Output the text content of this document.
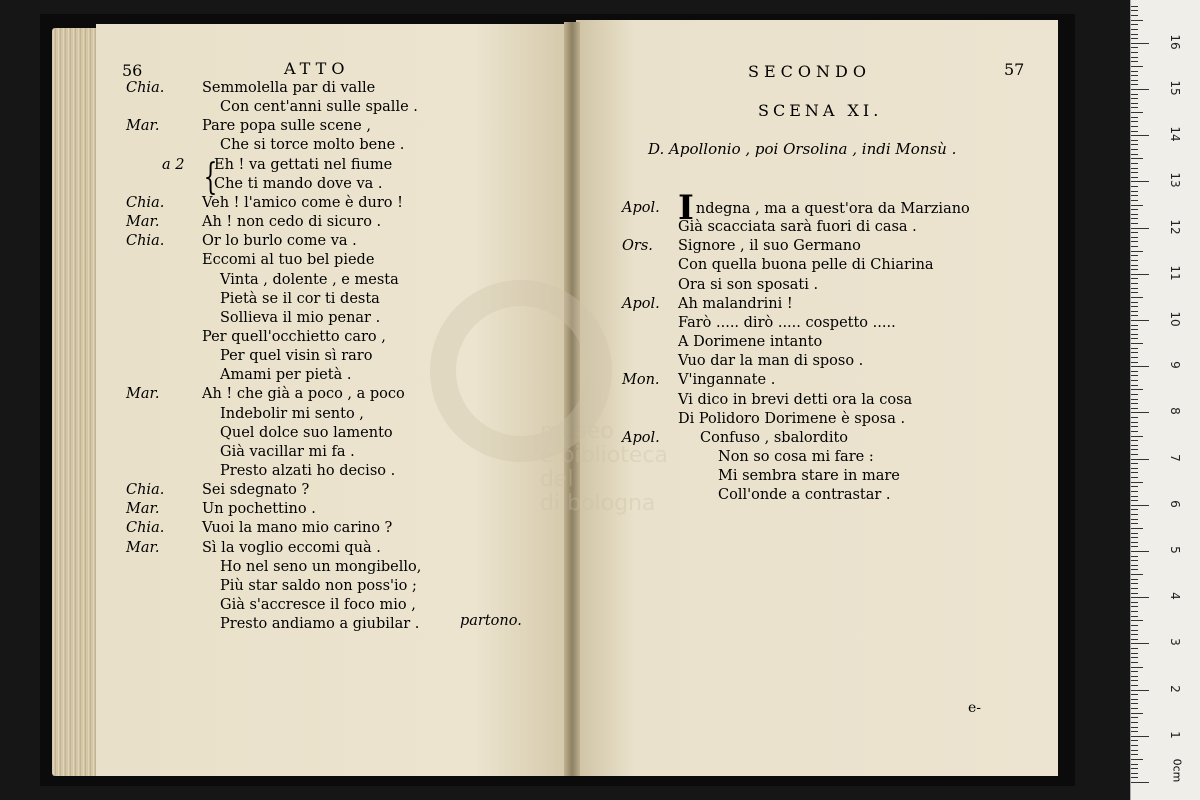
museo
e biblioteca del
di bologna
56	ATTO
{
Chia.	Semmolella par di valle
Con cent'anni sulle spalle .
Mar.	Pare popa sulle scene ,
Che si torce molto bene .
a 2 Eh ! va gettati nel fiume
Che ti mando dove va .
Chia.	Veh ! l'amico come è duro !
Mar.	Ah ! non cedo di sicuro .
Chia.	Or lo burlo come va .
Eccomi al tuo bel piede
Vinta , dolente , e mesta
Pietà se il cor ti desta
Sollieva il mio penar .
Per quell'occhietto caro ,
Per quel visin sì raro
Amami per pietà .
Mar.	Ah ! che già a poco , a poco
Indebolir mi sento ,
Quel dolce suo lamento
Già vacillar mi fa .
Presto alzati ho deciso .
Chia.	Sei sdegnato ?
Mar.	Un pochettino .
Chia.	Vuoi la mano mio carino ?
Mar.	Sì la voglio eccomi quà .
Ho nel seno un mongibello,
Più star saldo non poss'io ;
Già s'accresce il foco mio ,
Presto andiamo a giubilar .	partono.
SECONDO	57
SCENA XI.
D. Apollonio , poi Orsolina , indi Monsù .
Apol. Indegna , ma a quest'ora da Marziano
Già scacciata sarà fuori di casa .
Ors. Signore , il suo Germano
Con quella buona pelle di Chiarina
Ora si son sposati .
Apol. Ah malandrini !
Farò ..... dirò ..... cospetto .....
A Dorimene intanto
Vuo dar la man di sposo .
Mon. V'ingannate .
Vi dico in brevi detti ora la cosa
Di Polidoro Dorimene è sposa .
Apol.	Confuso , sbalordito
Non so cosa mi fare :
Mi sembra stare in mare
Coll'onde a contrastar .
e-
1
2
3
4
5
6
7
8
9
10
11
12
13
14
15
16
0cm
